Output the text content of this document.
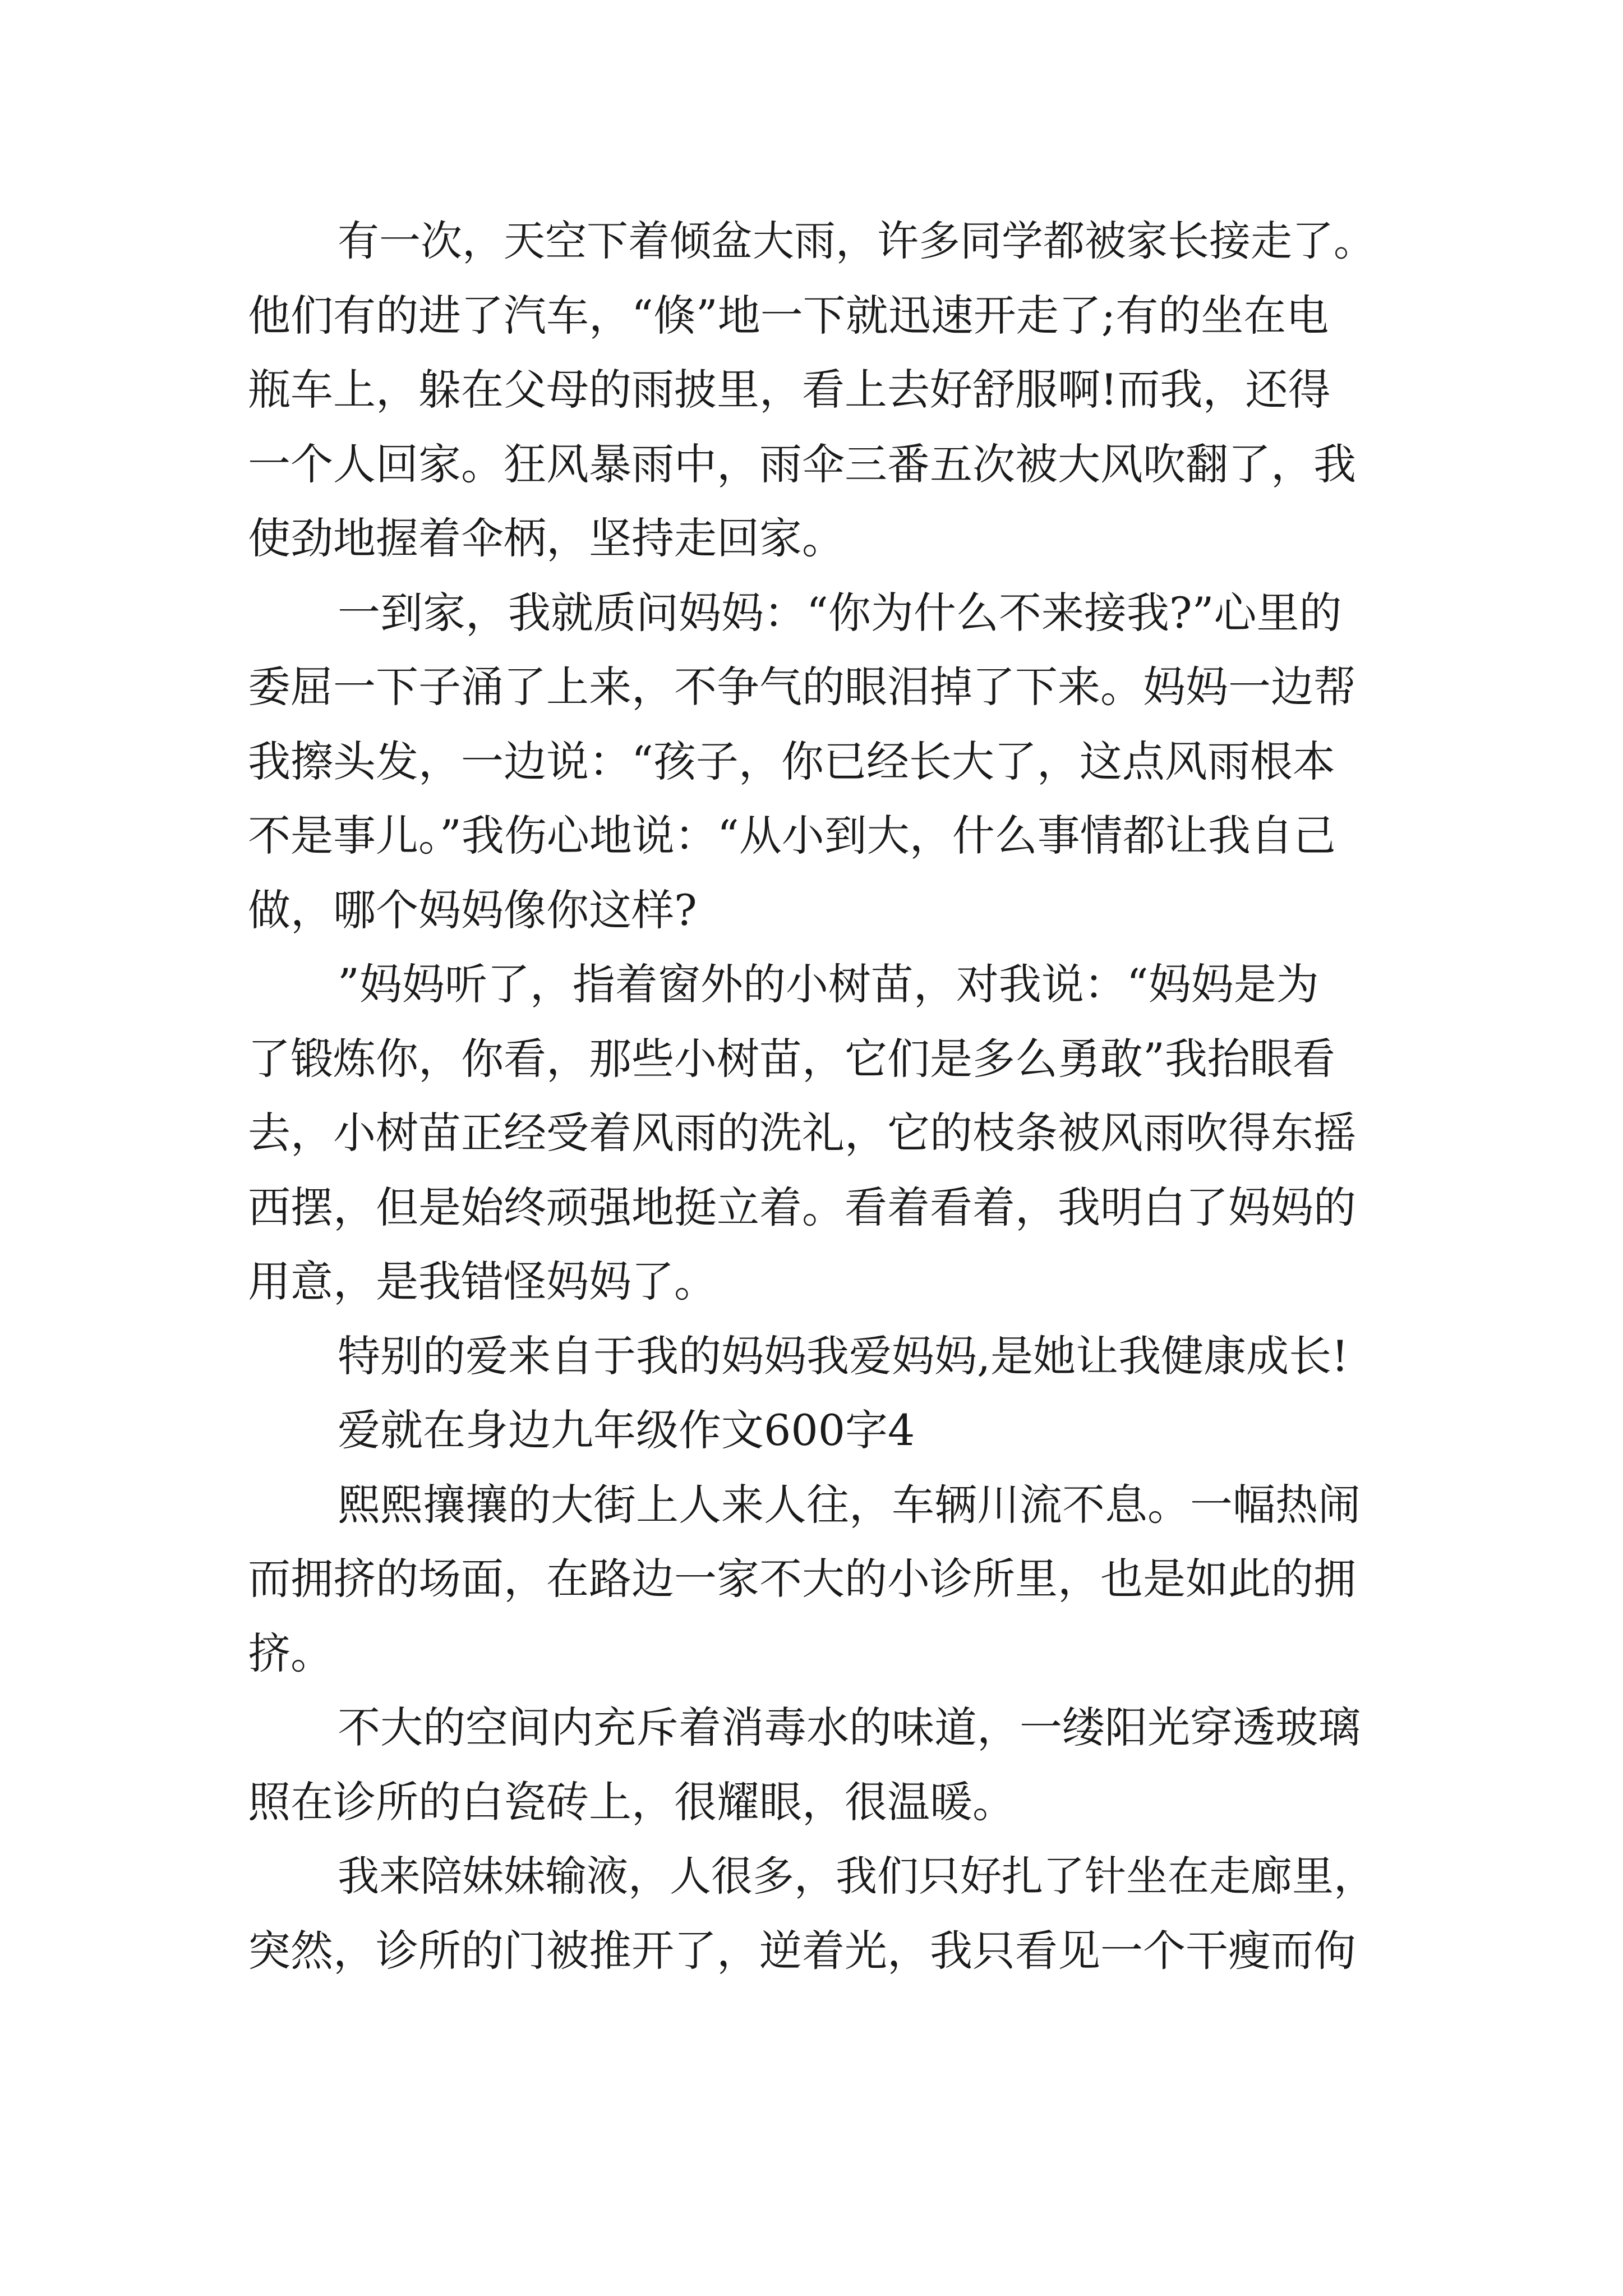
有一次，天空下着倾盆大雨，许多同学都被家长接走了。

他们有的进了汽车，“倏”地一下就迅速开走了;有的坐在电

瓶车上，躲在父母的雨披里，看上去好舒服啊!而我，还得

一个人回家。狂风暴雨中，雨伞三番五次被大风吹翻了，我

使劲地握着伞柄，坚持走回家。

一到家，我就质问妈妈：“你为什么不来接我?”心里的

委屈一下子涌了上来，不争气的眼泪掉了下来。妈妈一边帮

我擦头发，一边说：“孩子，你已经长大了，这点风雨根本

不是事儿。”我伤心地说：“从小到大，什么事情都让我自己

做，哪个妈妈像你这样?

”妈妈听了，指着窗外的小树苗，对我说：“妈妈是为

了锻炼你，你看，那些小树苗，它们是多么勇敢”我抬眼看

去，小树苗正经受着风雨的洗礼，它的枝条被风雨吹得东摇

西摆，但是始终顽强地挺立着。看着看着，我明白了妈妈的

用意，是我错怪妈妈了。

特别的爱来自于我的妈妈我爱妈妈,是她让我健康成长!

爱就在身边九年级作文600字4

熙熙攘攘的大街上人来人往，车辆川流不息。一幅热闹

而拥挤的场面，在路边一家不大的小诊所里，也是如此的拥

挤。

不大的空间内充斥着消毒水的味道，一缕阳光穿透玻璃

照在诊所的白瓷砖上，很耀眼，很温暖。

我来陪妹妹输液，人很多，我们只好扎了针坐在走廊里，

突然，诊所的门被推开了，逆着光，我只看见一个干瘦而佝
